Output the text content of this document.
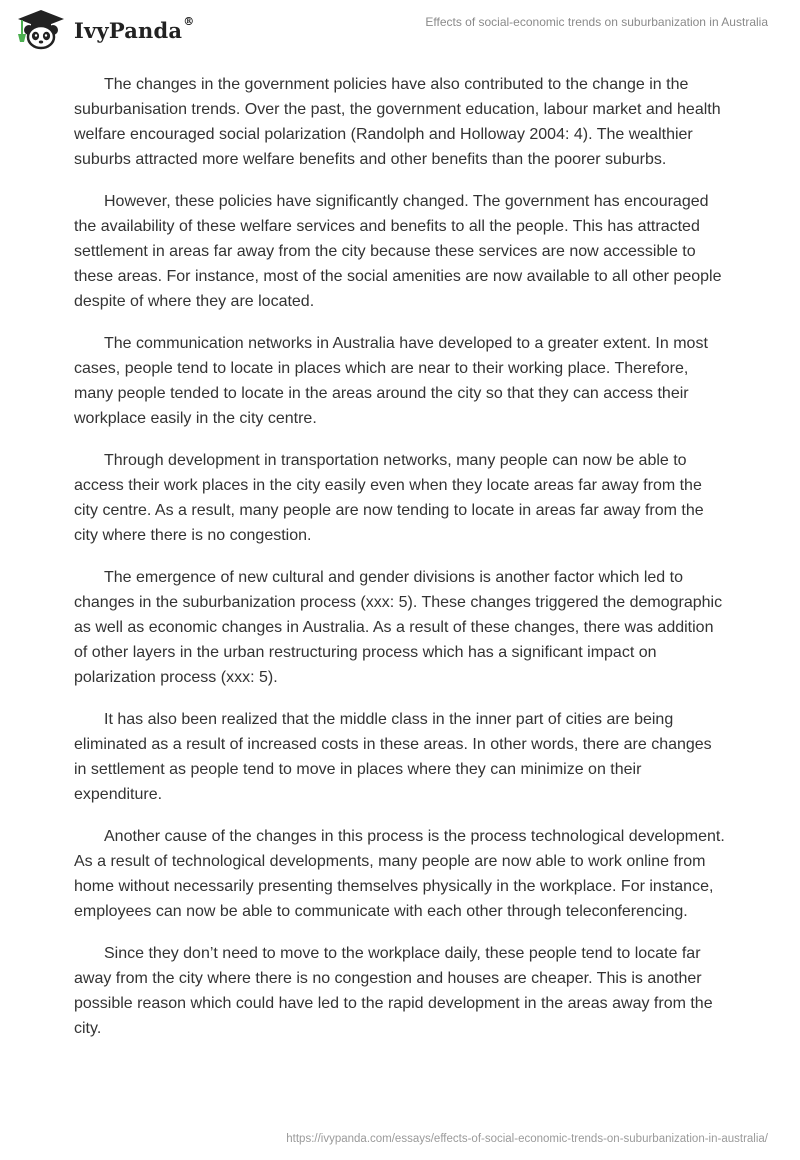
IvyPanda®	Effects of social-economic trends on suburbanization in Australia

The changes in the government policies have also contributed to the change in the suburbanisation trends. Over the past, the government education, labour market and health welfare encouraged social polarization (Randolph and Holloway 2004: 4). The wealthier suburbs attracted more welfare benefits and other benefits than the poorer suburbs.

However, these policies have significantly changed. The government has encouraged the availability of these welfare services and benefits to all the people. This has attracted settlement in areas far away from the city because these services are now accessible to these areas. For instance, most of the social amenities are now available to all other people despite of where they are located.

The communication networks in Australia have developed to a greater extent. In most cases, people tend to locate in places which are near to their working place. Therefore, many people tended to locate in the areas around the city so that they can access their workplace easily in the city centre.

Through development in transportation networks, many people can now be able to access their work places in the city easily even when they locate areas far away from the city centre. As a result, many people are now tending to locate in areas far away from the city where there is no congestion.

The emergence of new cultural and gender divisions is another factor which led to changes in the suburbanization process (xxx: 5). These changes triggered the demographic as well as economic changes in Australia. As a result of these changes, there was addition of other layers in the urban restructuring process which has a significant impact on polarization process (xxx: 5).

It has also been realized that the middle class in the inner part of cities are being eliminated as a result of increased costs in these areas. In other words, there are changes in settlement as people tend to move in places where they can minimize on their expenditure.

Another cause of the changes in this process is the process technological development. As a result of technological developments, many people are now able to work online from home without necessarily presenting themselves physically in the workplace. For instance, employees can now be able to communicate with each other through teleconferencing.

Since they don’t need to move to the workplace daily, these people tend to locate far away from the city where there is no congestion and houses are cheaper. This is another possible reason which could have led to the rapid development in the areas away from the city.

https://ivypanda.com/essays/effects-of-social-economic-trends-on-suburbanization-in-australia/
